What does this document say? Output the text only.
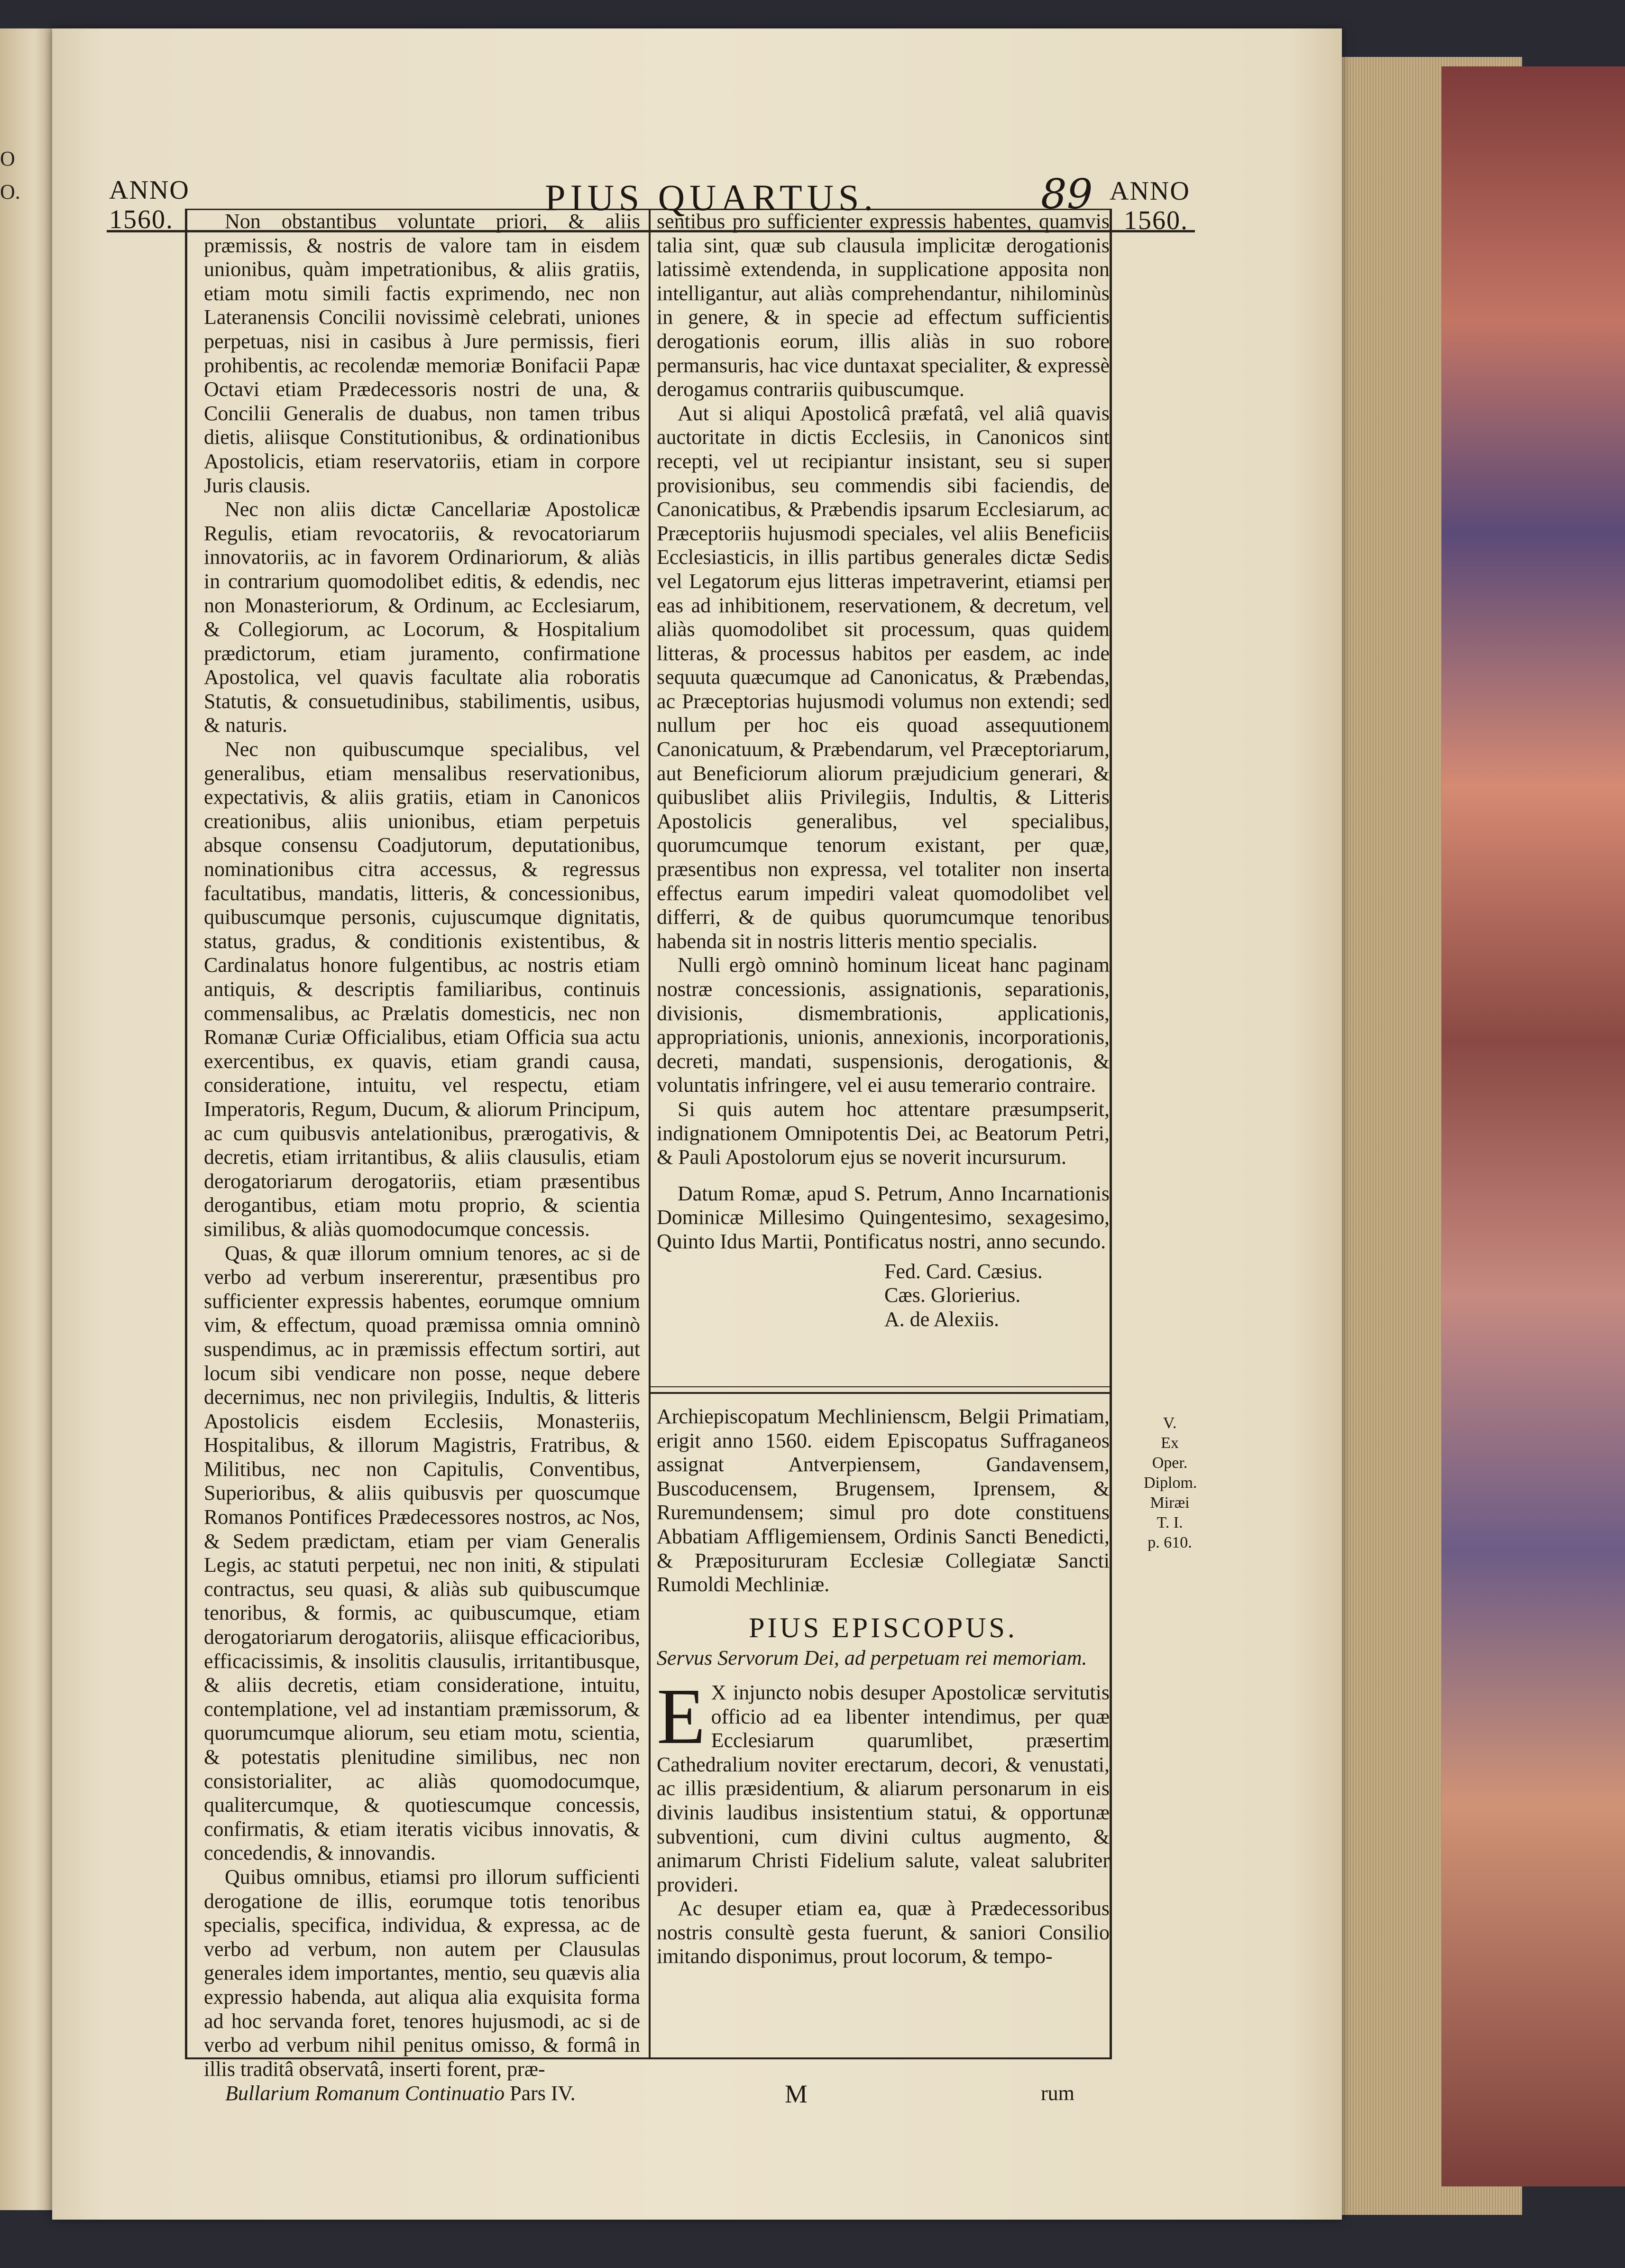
O
O.	ANNO
1560.
PIUS QUARTUS.	89 ANNO
1560.

Non obstantibus voluntate priori, & aliis præmissis, & nostris de valore tam in eisdem unionibus, quàm impetrationibus, & aliis gratiis, etiam motu simili factis exprimendo, nec non Lateranensis Concilii novissimè celebrati, uniones perpetuas, nisi in casibus à Jure permissis, fieri prohibentis, ac recolendæ memoriæ Bonifacii Papæ Octavi etiam Prædecessoris nostri de una, & Concilii Generalis de duabus, non tamen tribus dietis, aliisque Constitutionibus, & ordinationibus Apostolicis, etiam reservatoriis, etiam in corpore Juris clausis.

Nec non aliis dictæ Cancellariæ Apostolicæ Regulis, etiam revocatoriis, & revocatoriarum innovatoriis, ac in favorem Ordinariorum, & aliàs in contrarium quomodolibet editis, & edendis, nec non Monasteriorum, & Ordinum, ac Ecclesiarum, & Collegiorum, ac Locorum, & Hospitalium prædictorum, etiam juramento, confirmatione Apostolica, vel quavis facultate alia roboratis Statutis, & consuetudinibus, stabilimentis, usibus, & naturis.

Nec non quibuscumque specialibus, vel generalibus, etiam mensalibus reservationibus, expectativis, & aliis gratiis, etiam in Canonicos creationibus, aliis unionibus, etiam perpetuis absque consensu Coadjutorum, deputationibus, nominationibus citra accessus, & regressus facultatibus, mandatis, litteris, & concessionibus, quibuscumque personis, cujuscumque dignitatis, status, gradus, & conditionis existentibus, & Cardinalatus honore fulgentibus, ac nostris etiam antiquis, & descriptis familiaribus, continuis commensalibus, ac Prælatis domesticis, nec non Romanæ Curiæ Officialibus, etiam Officia sua actu exercentibus, ex quavis, etiam grandi causa, consideratione, intuitu, vel respectu, etiam Imperatoris, Regum, Ducum, & aliorum Principum, ac cum quibusvis antelationibus, prærogativis, & decretis, etiam irritantibus, & aliis clausulis, etiam derogatoriarum derogatoriis, etiam præsentibus derogantibus, etiam motu proprio, & scientia similibus, & aliàs quomodocumque concessis.

Quas, & quæ illorum omnium tenores, ac si de verbo ad verbum insererentur, præsentibus pro sufficienter expressis habentes, eorumque omnium vim, & effectum, quoad præmissa omnia omninò suspendimus, ac in præmissis effectum sortiri, aut locum sibi vendicare non posse, neque debere decernimus, nec non privilegiis, Indultis, & litteris Apostolicis eisdem Ecclesiis, Monasteriis, Hospitalibus, & illorum Magistris, Fratribus, & Militibus, nec non Capitulis, Conventibus, Superioribus, & aliis quibusvis per quoscumque Romanos Pontifices Prædecessores nostros, ac Nos, & Sedem prædictam, etiam per viam Generalis Legis, ac statuti perpetui, nec non initi, & stipulati contractus, seu quasi, & aliàs sub quibuscumque tenoribus, & formis, ac quibuscumque, etiam derogatoriarum derogatoriis, aliisque efficacioribus, efficacissimis, & insolitis clausulis, irritantibusque, & aliis decretis, etiam consideratione, intuitu, contemplatione, vel ad instantiam præmissorum, & quorumcumque aliorum, seu etiam motu, scientia, & potestatis plenitudine similibus, nec non consistorialiter, ac aliàs quomodocumque, qualitercumque, & quotiescumque concessis, confirmatis, & etiam iteratis vicibus innovatis, & concedendis, & innovandis.

Quibus omnibus, etiamsi pro illorum sufficienti derogatione de illis, eorumque totis tenoribus specialis, specifica, individua, & expressa, ac de verbo ad verbum, non autem per Clausulas generales idem importantes, mentio, seu quævis alia expressio habenda, aut aliqua alia exquisita forma ad hoc servanda foret, tenores hujusmodi, ac si de verbo ad verbum nihil penitus omisso, & formâ in illis traditâ observatâ, inserti forent, præ-

sentibus pro sufficienter expressis habentes, quamvis talia sint, quæ sub clausula implicitæ derogationis latissimè extendenda, in supplicatione apposita non intelligantur, aut aliàs comprehendantur, nihilominùs in genere, & in specie ad effectum sufficientis derogationis eorum, illis aliàs in suo robore permansuris, hac vice duntaxat specialiter, & expressè derogamus contrariis quibuscumque.

Aut si aliqui Apostolicâ præfatâ, vel aliâ quavis auctoritate in dictis Ecclesiis, in Canonicos sint recepti, vel ut recipiantur insistant, seu si super provisionibus, seu commendis sibi faciendis, de Canonicatibus, & Præbendis ipsarum Ecclesiarum, ac Præceptoriis hujusmodi speciales, vel aliis Beneficiis Ecclesiasticis, in illis partibus generales dictæ Sedis vel Legatorum ejus litteras impetraverint, etiamsi per eas ad inhibitionem, reservationem, & decretum, vel aliàs quomodolibet sit processum, quas quidem litteras, & processus habitos per easdem, ac inde sequuta quæcumque ad Canonicatus, & Præbendas, ac Præceptorias hujusmodi volumus non extendi; sed nullum per hoc eis quoad assequutionem Canonicatuum, & Præbendarum, vel Præceptoriarum, aut Beneficiorum aliorum præjudicium generari, & quibuslibet aliis Privilegiis, Indultis, & Litteris Apostolicis generalibus, vel specialibus, quorumcumque tenorum existant, per quæ, præsentibus non expressa, vel totaliter non inserta effectus earum impediri valeat quomodolibet vel differri, & de quibus quorumcumque tenoribus habenda sit in nostris litteris mentio specialis.

Nulli ergò omninò hominum liceat hanc paginam nostræ concessionis, assignationis, separationis, divisionis, dismembrationis, applicationis, appropriationis, unionis, annexionis, incorporationis, decreti, mandati, suspensionis, derogationis, & voluntatis infringere, vel ei ausu temerario contraire.

Si quis autem hoc attentare præsumpserit, indignationem Omnipotentis Dei, ac Beatorum Petri, & Pauli Apostolorum ejus se noverit incursurum.

Datum Romæ, apud S. Petrum, Anno Incarnationis Dominicæ Millesimo Quingentesimo, sexagesimo, Quinto Idus Martii, Pontificatus nostri, anno secundo.

Fed. Card. Cæsius.
Cæs. Glorierius.
A. de Alexiis.

Archiepiscopatum Mechlinienscm, Belgii Primatiam, erigit anno 1560. eidem Episcopatus Suffraganeos assignat Antverpiensem, Gandavensem, Buscoducensem, Brugensem, Iprensem, & Ruremundensem; simul pro dote constituens Abbatiam Affligemiensem, Ordinis Sancti Benedicti, & Præpositururam Ecclesiæ Collegiatæ Sancti Rumoldi Mechliniæ.

PIUS EPISCOPUS.

Servus Servorum Dei, ad perpetuam rei memoriam.

E X injuncto nobis desuper Apostolicæ servitutis officio ad ea libenter intendimus, per quæ Ecclesiarum quarumlibet, præsertim Cathedralium noviter erectarum, decori, & venustati, ac illis præsidentium, & aliarum personarum in eis divinis laudibus insistentium statui, & opportunæ subventioni, cum divini cultus augmento, & animarum Christi Fidelium salute, valeat salubriter provideri.

Ac desuper etiam ea, quæ à Prædecessoribus nostris consultè gesta fuerunt, & saniori Consilio imitando disponimus, prout locorum, & tempo-

V.
Ex Oper.
Diplom.
Miræi T. I.
p. 610.
Bullarium Romanum Continuatio Pars IV.	M	rum
